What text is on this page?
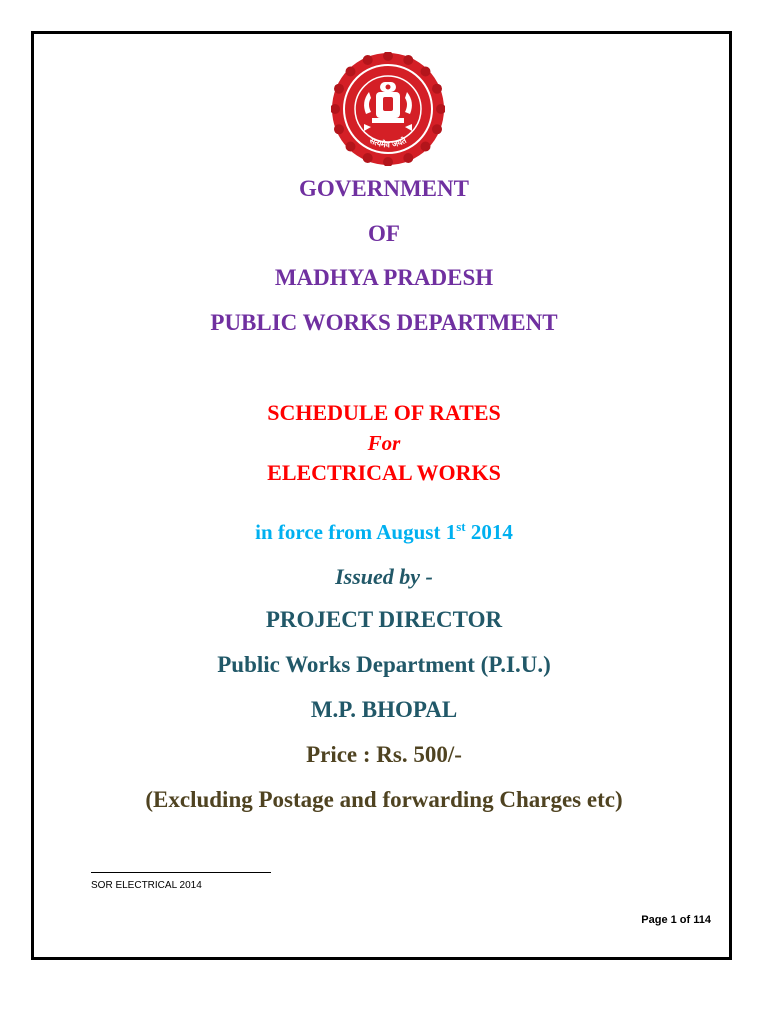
सत्यमेव जयते
GOVERNMENT
OF
MADHYA PRADESH
PUBLIC WORKS DEPARTMENT
SCHEDULE OF RATES
For
ELECTRICAL WORKS
in force from August 1st 2014
Issued by -
PROJECT DIRECTOR
Public Works Department (P.I.U.)
M.P. BHOPAL
Price : Rs. 500/-
(Excluding Postage and forwarding Charges etc)
SOR ELECTRICAL 2014
Page 1 of 114
